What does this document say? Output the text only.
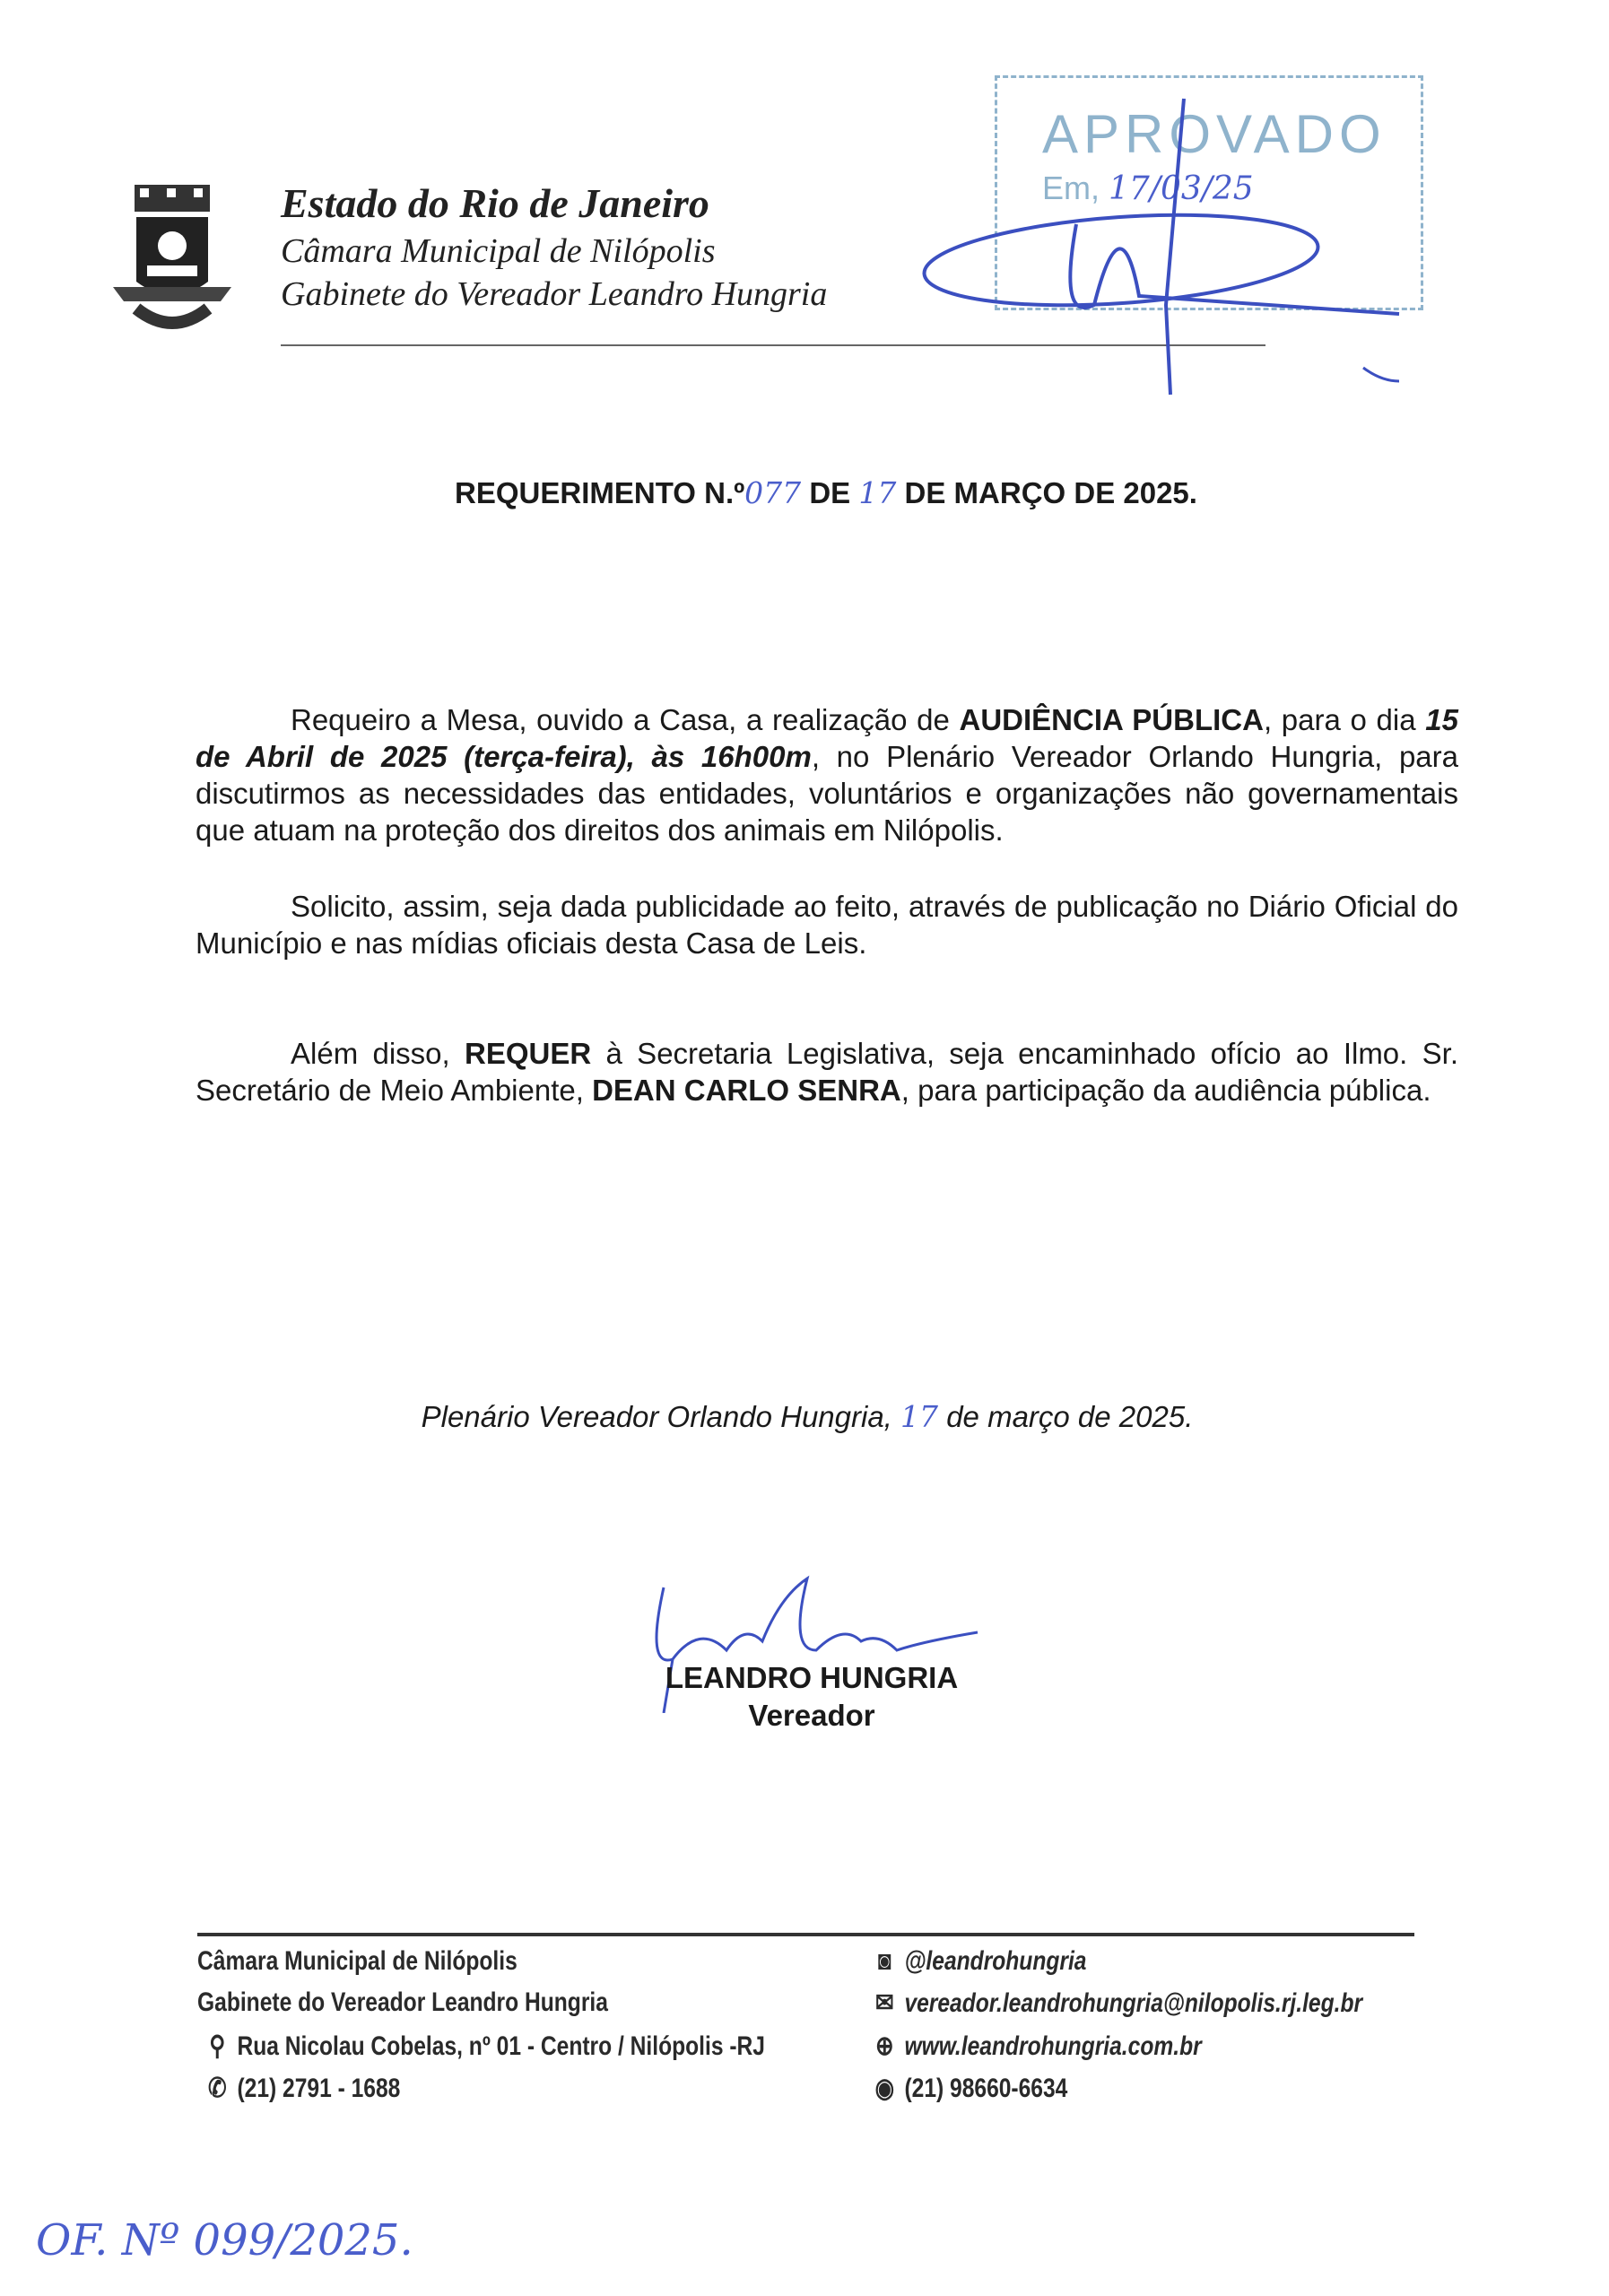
Estado do Rio de Janeiro
Câmara Municipal de Nilópolis
Gabinete do Vereador Leandro Hungria
APROVADO
Em, 17/03/25
REQUERIMENTO N.º077 DE 17 DE MARÇO DE 2025.
Requeiro a Mesa, ouvido a Casa, a realização de AUDIÊNCIA PÚBLICA, para o dia 15 de Abril de 2025 (terça-feira), às 16h00m, no Plenário Vereador Orlando Hungria, para discutirmos as necessidades das entidades, voluntários e organizações não governamentais que atuam na proteção dos direitos dos animais em Nilópolis.
Solicito, assim, seja dada publicidade ao feito, através de publicação no Diário Oficial do Município e nas mídias oficiais desta Casa de Leis.
Além disso, REQUER à Secretaria Legislativa, seja encaminhado ofício ao Ilmo. Sr. Secretário de Meio Ambiente, DEAN CARLO SENRA, para participação da audiência pública.
Plenário Vereador Orlando Hungria, 17 de março de 2025.
LEANDRO HUNGRIA
Vereador
Câmara Municipal de Nilópolis
Gabinete do Vereador Leandro Hungria
⚲ Rua Nicolau Cobelas, nº 01 - Centro / Nilópolis -RJ
✆ (21) 2791 - 1688
◙ @leandrohungria
✉ vereador.leandrohungria@nilopolis.rj.leg.br
⊕ www.leandrohungria.com.br
◉ (21) 98660-6634
OF. Nº 099/2025.
